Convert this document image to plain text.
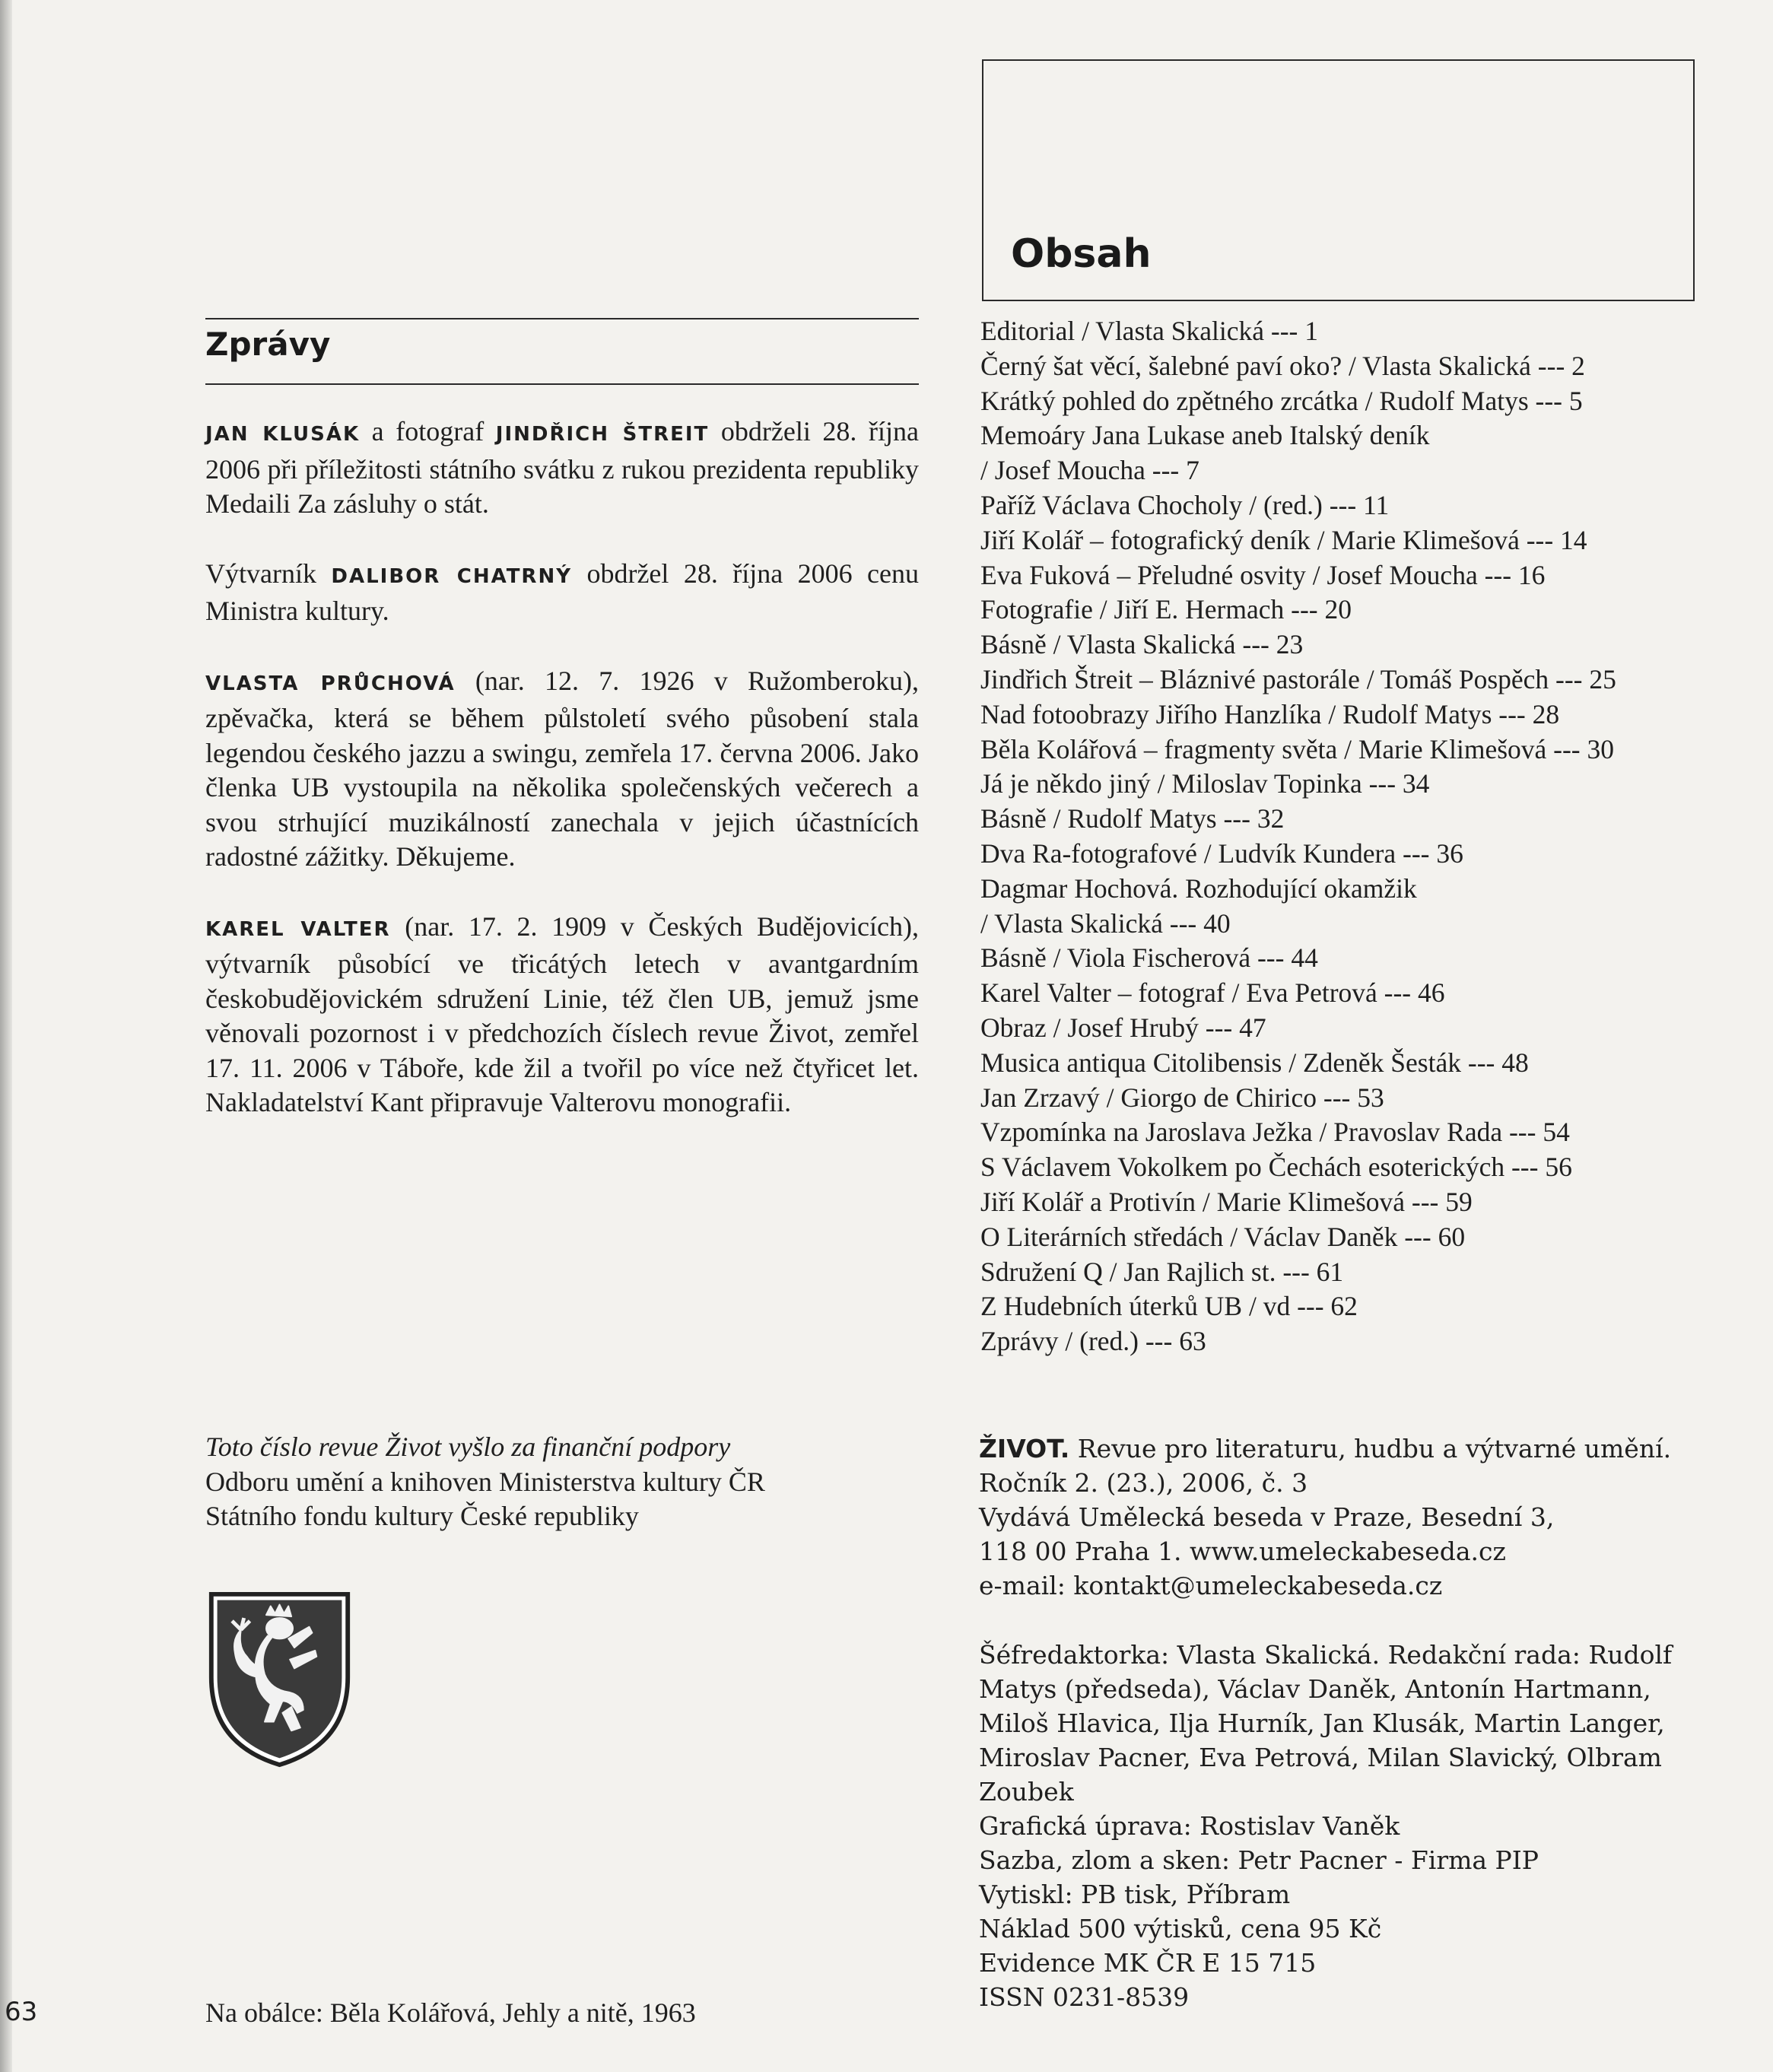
Zprávy

JAN KLUSÁK a fotograf JINDŘICH ŠTREIT obdrželi 28. října 2006 při příležitosti státního svátku z rukou prezidenta republiky Medaili Za zásluhy o stát.

Výtvarník DALIBOR CHATRNÝ obdržel 28. října 2006 cenu Ministra kultury.

VLASTA PRŮCHOVÁ (nar. 12. 7. 1926 v Ružomberoku), zpěvačka, která se během půlstoletí svého působení stala legendou českého jazzu a swingu, zemřela 17. června 2006. Jako členka UB vystoupila na několika společenských večerech a svou strhující muzikálností zanechala v jejich účastnících radostné zážitky. Děkujeme.

KAREL VALTER (nar. 17. 2. 1909 v Českých Budějovicích), výtvarník působící ve třicátých letech v avantgardním českobudějovickém sdružení Linie, též člen UB, jemuž jsme věnovali pozornost i v předchozích číslech revue Život, zemřel 17. 11. 2006 v Táboře, kde žil a tvořil po více než čtyřicet let. Nakladatelství Kant připravuje Valterovu monografii.

Obsah
Editorial / Vlasta Skalická --- 1
Černý šat věcí, šalebné paví oko? / Vlasta Skalická --- 2
Krátký pohled do zpětného zrcátka / Rudolf Matys --- 5
Memoáry Jana Lukase aneb Italský deník
/ Josef Moucha --- 7
Paříž Václava Chocholy / (red.) --- 11
Jiří Kolář – fotografický deník / Marie Klimešová --- 14
Eva Fuková – Přeludné osvity / Josef Moucha --- 16
Fotografie / Jiří E. Hermach --- 20
Básně / Vlasta Skalická --- 23
Jindřich Štreit – Bláznivé pastorále / Tomáš Pospěch --- 25
Nad fotoobrazy Jiřího Hanzlíka / Rudolf Matys --- 28
Běla Kolářová – fragmenty světa / Marie Klimešová --- 30
Já je někdo jiný / Miloslav Topinka --- 34
Básně / Rudolf Matys --- 32
Dva Ra-fotografové / Ludvík Kundera --- 36
Dagmar Hochová. Rozhodující okamžik
/ Vlasta Skalická --- 40
Básně / Viola Fischerová --- 44
Karel Valter – fotograf / Eva Petrová --- 46
Obraz / Josef Hrubý --- 47
Musica antiqua Citolibensis / Zdeněk Šesták --- 48
Jan Zrzavý / Giorgo de Chirico --- 53
Vzpomínka na Jaroslava Ježka / Pravoslav Rada --- 54
S Václavem Vokolkem po Čechách esoterických --- 56
Jiří Kolář a Protivín / Marie Klimešová --- 59
O Literárních středách / Václav Daněk --- 60
Sdružení Q / Jan Rajlich st. --- 61
Z Hudebních úterků UB / vd --- 62
Zprávy / (red.) --- 63
Toto číslo revue Život vyšlo za finanční podpory
Odboru umění a knihoven Ministerstva kultury ČR
Státního fondu kultury České republiky
Na obálce: Běla Kolářová, Jehly a nitě, 1963
63
ŽIVOT. Revue pro literaturu, hudbu a výtvarné umění.
Ročník 2. (23.), 2006, č. 3
Vydává Umělecká beseda v Praze, Besední 3,
118 00 Praha 1. www.umeleckabeseda.cz
e-mail: kontakt@umeleckabeseda.cz
Šéfredaktorka: Vlasta Skalická. Redakční rada: Rudolf
Matys (předseda), Václav Daněk, Antonín Hartmann,
Miloš Hlavica, Ilja Hurník, Jan Klusák, Martin Langer,
Miroslav Pacner, Eva Petrová, Milan Slavický, Olbram
Zoubek
Grafická úprava: Rostislav Vaněk
Sazba, zlom a sken: Petr Pacner - Firma PIP
Vytiskl: PB tisk, Příbram
Náklad 500 výtisků, cena 95 Kč
Evidence MK ČR E 15 715
ISSN 0231-8539
